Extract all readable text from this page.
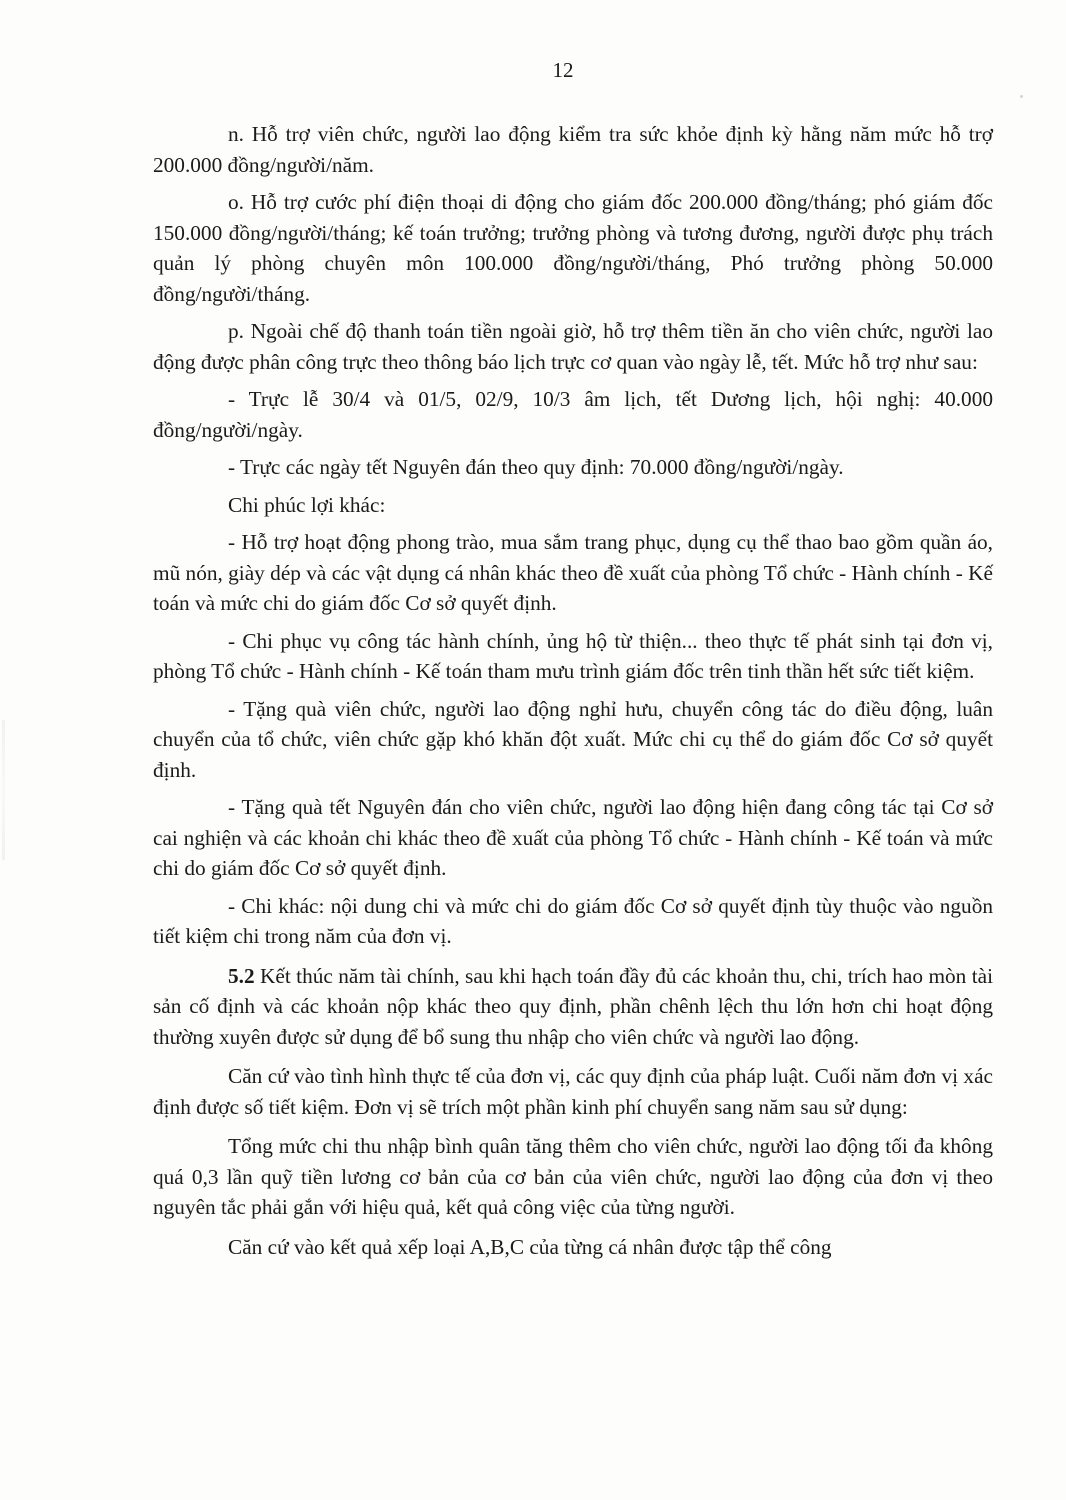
12

n. Hỗ trợ viên chức, người lao động kiểm tra sức khỏe định kỳ hằng năm mức hỗ trợ 200.000 đồng/người/năm.

o. Hỗ trợ cước phí điện thoại di động cho giám đốc 200.000 đồng/tháng; phó giám đốc 150.000 đồng/người/tháng; kế toán trưởng; trưởng phòng và tương đương, người được phụ trách quản lý phòng chuyên môn 100.000 đồng/người/tháng, Phó trưởng phòng 50.000 đồng/người/tháng.

p. Ngoài chế độ thanh toán tiền ngoài giờ, hỗ trợ thêm tiền ăn cho viên chức, người lao động được phân công trực theo thông báo lịch trực cơ quan vào ngày lễ, tết. Mức hỗ trợ như sau:

- Trực lễ 30/4 và 01/5, 02/9, 10/3 âm lịch, tết Dương lịch, hội nghị: 40.000 đồng/người/ngày.

- Trực các ngày tết Nguyên đán theo quy định: 70.000 đồng/người/ngày.

Chi phúc lợi khác:

- Hỗ trợ hoạt động phong trào, mua sắm trang phục, dụng cụ thể thao bao gồm quần áo, mũ nón, giày dép và các vật dụng cá nhân khác theo đề xuất của phòng Tổ chức - Hành chính - Kế toán và mức chi do giám đốc Cơ sở quyết định.

- Chi phục vụ công tác hành chính, ủng hộ từ thiện... theo thực tế phát sinh tại đơn vị, phòng Tổ chức - Hành chính - Kế toán tham mưu trình giám đốc trên tinh thần hết sức tiết kiệm.

- Tặng quà viên chức, người lao động nghỉ hưu, chuyển công tác do điều động, luân chuyển của tổ chức, viên chức gặp khó khăn đột xuất. Mức chi cụ thể do giám đốc Cơ sở quyết định.

- Tặng quà tết Nguyên đán cho viên chức, người lao động hiện đang công tác tại Cơ sở cai nghiện và các khoản chi khác theo đề xuất của phòng Tổ chức - Hành chính - Kế toán và mức chi do giám đốc Cơ sở quyết định.

- Chi khác: nội dung chi và mức chi do giám đốc Cơ sở quyết định tùy thuộc vào nguồn tiết kiệm chi trong năm của đơn vị.

5.2 Kết thúc năm tài chính, sau khi hạch toán đầy đủ các khoản thu, chi, trích hao mòn tài sản cố định và các khoản nộp khác theo quy định, phần chênh lệch thu lớn hơn chi hoạt động thường xuyên được sử dụng để bổ sung thu nhập cho viên chức và người lao động.

Căn cứ vào tình hình thực tế của đơn vị, các quy định của pháp luật. Cuối năm đơn vị xác định được số tiết kiệm. Đơn vị sẽ trích một phần kinh phí chuyển sang năm sau sử dụng:

Tổng mức chi thu nhập bình quân tăng thêm cho viên chức, người lao động tối đa không quá 0,3 lần quỹ tiền lương cơ bản của cơ bản của viên chức, người lao động của đơn vị theo nguyên tắc phải gắn với hiệu quả, kết quả công việc của từng người.

Căn cứ vào kết quả xếp loại A,B,C của từng cá nhân được tập thể công
